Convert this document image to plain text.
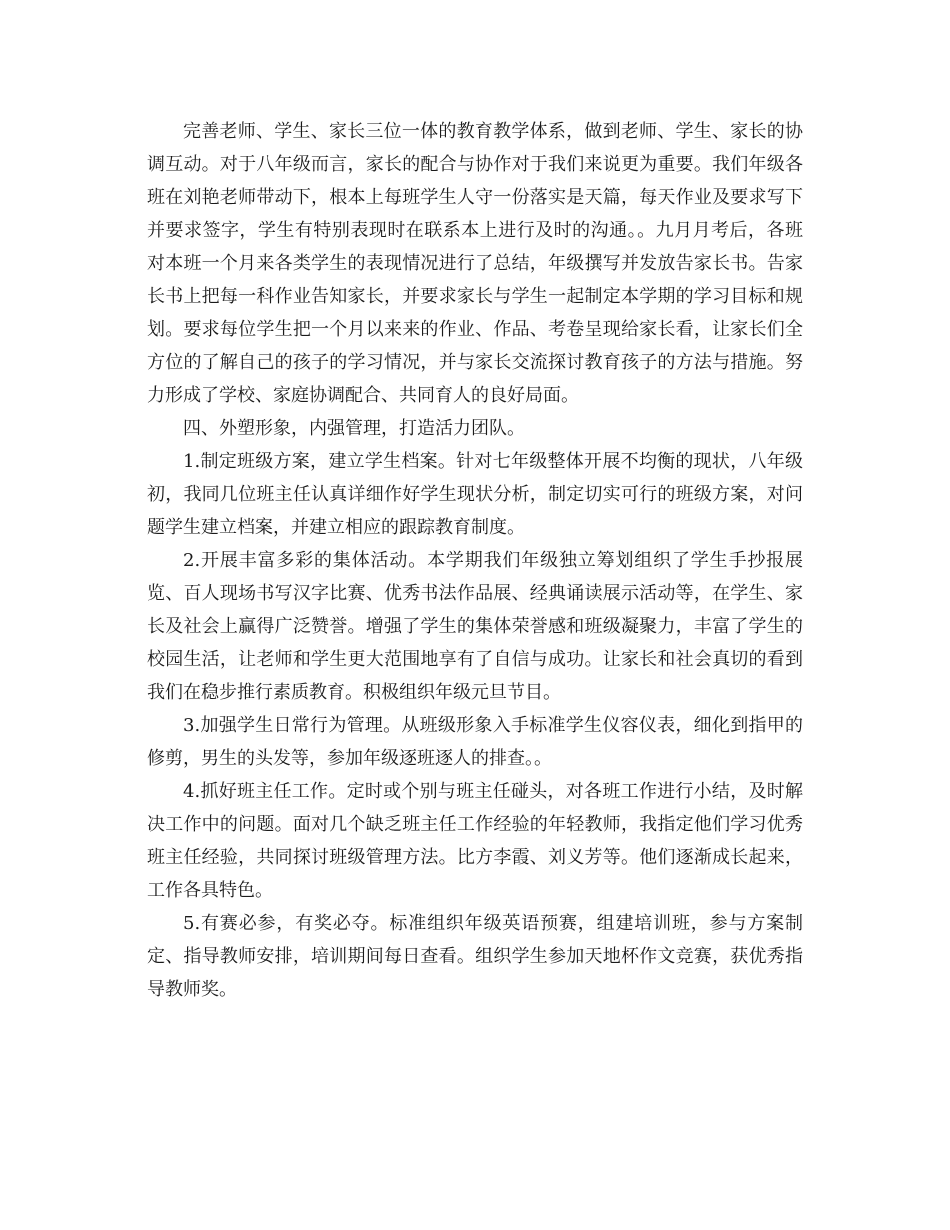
完善老师、学生、家长三位一体的教育教学体系，做到老师、学生、家长的协调互动。对于八年级而言，家长的配合与协作对于我们来说更为重要。我们年级各班在刘艳老师带动下，根本上每班学生人守一份落实是天篇，每天作业及要求写下并要求签字，学生有特别表现时在联系本上进行及时的沟通。。九月月考后，各班对本班一个月来各类学生的表现情况进行了总结，年级撰写并发放告家长书。告家长书上把每一科作业告知家长，并要求家长与学生一起制定本学期的学习目标和规划。要求每位学生把一个月以来来的作业、作品、考卷呈现给家长看，让家长们全方位的了解自己的孩子的学习情况，并与家长交流探讨教育孩子的方法与措施。努力形成了学校、家庭协调配合、共同育人的良好局面。

四、外塑形象，内强管理，打造活力团队。

1.制定班级方案，建立学生档案。针对七年级整体开展不均衡的现状，八年级初，我同几位班主任认真详细作好学生现状分析，制定切实可行的班级方案，对问题学生建立档案，并建立相应的跟踪教育制度。

2.开展丰富多彩的集体活动。本学期我们年级独立筹划组织了学生手抄报展览、百人现场书写汉字比赛、优秀书法作品展、经典诵读展示活动等，在学生、家长及社会上赢得广泛赞誉。增强了学生的集体荣誉感和班级凝聚力，丰富了学生的校园生活，让老师和学生更大范围地享有了自信与成功。让家长和社会真切的看到我们在稳步推行素质教育。积极组织年级元旦节目。

3.加强学生日常行为管理。从班级形象入手标准学生仪容仪表，细化到指甲的修剪，男生的头发等，参加年级逐班逐人的排查。。

4.抓好班主任工作。定时或个别与班主任碰头，对各班工作进行小结，及时解决工作中的问题。面对几个缺乏班主任工作经验的年轻教师，我指定他们学习优秀班主任经验，共同探讨班级管理方法。比方李霞、刘义芳等。他们逐渐成长起来，工作各具特色。

5.有赛必参，有奖必夺。标准组织年级英语预赛，组建培训班，参与方案制定、指导教师安排，培训期间每日查看。组织学生参加天地杯作文竞赛，获优秀指导教师奖。
